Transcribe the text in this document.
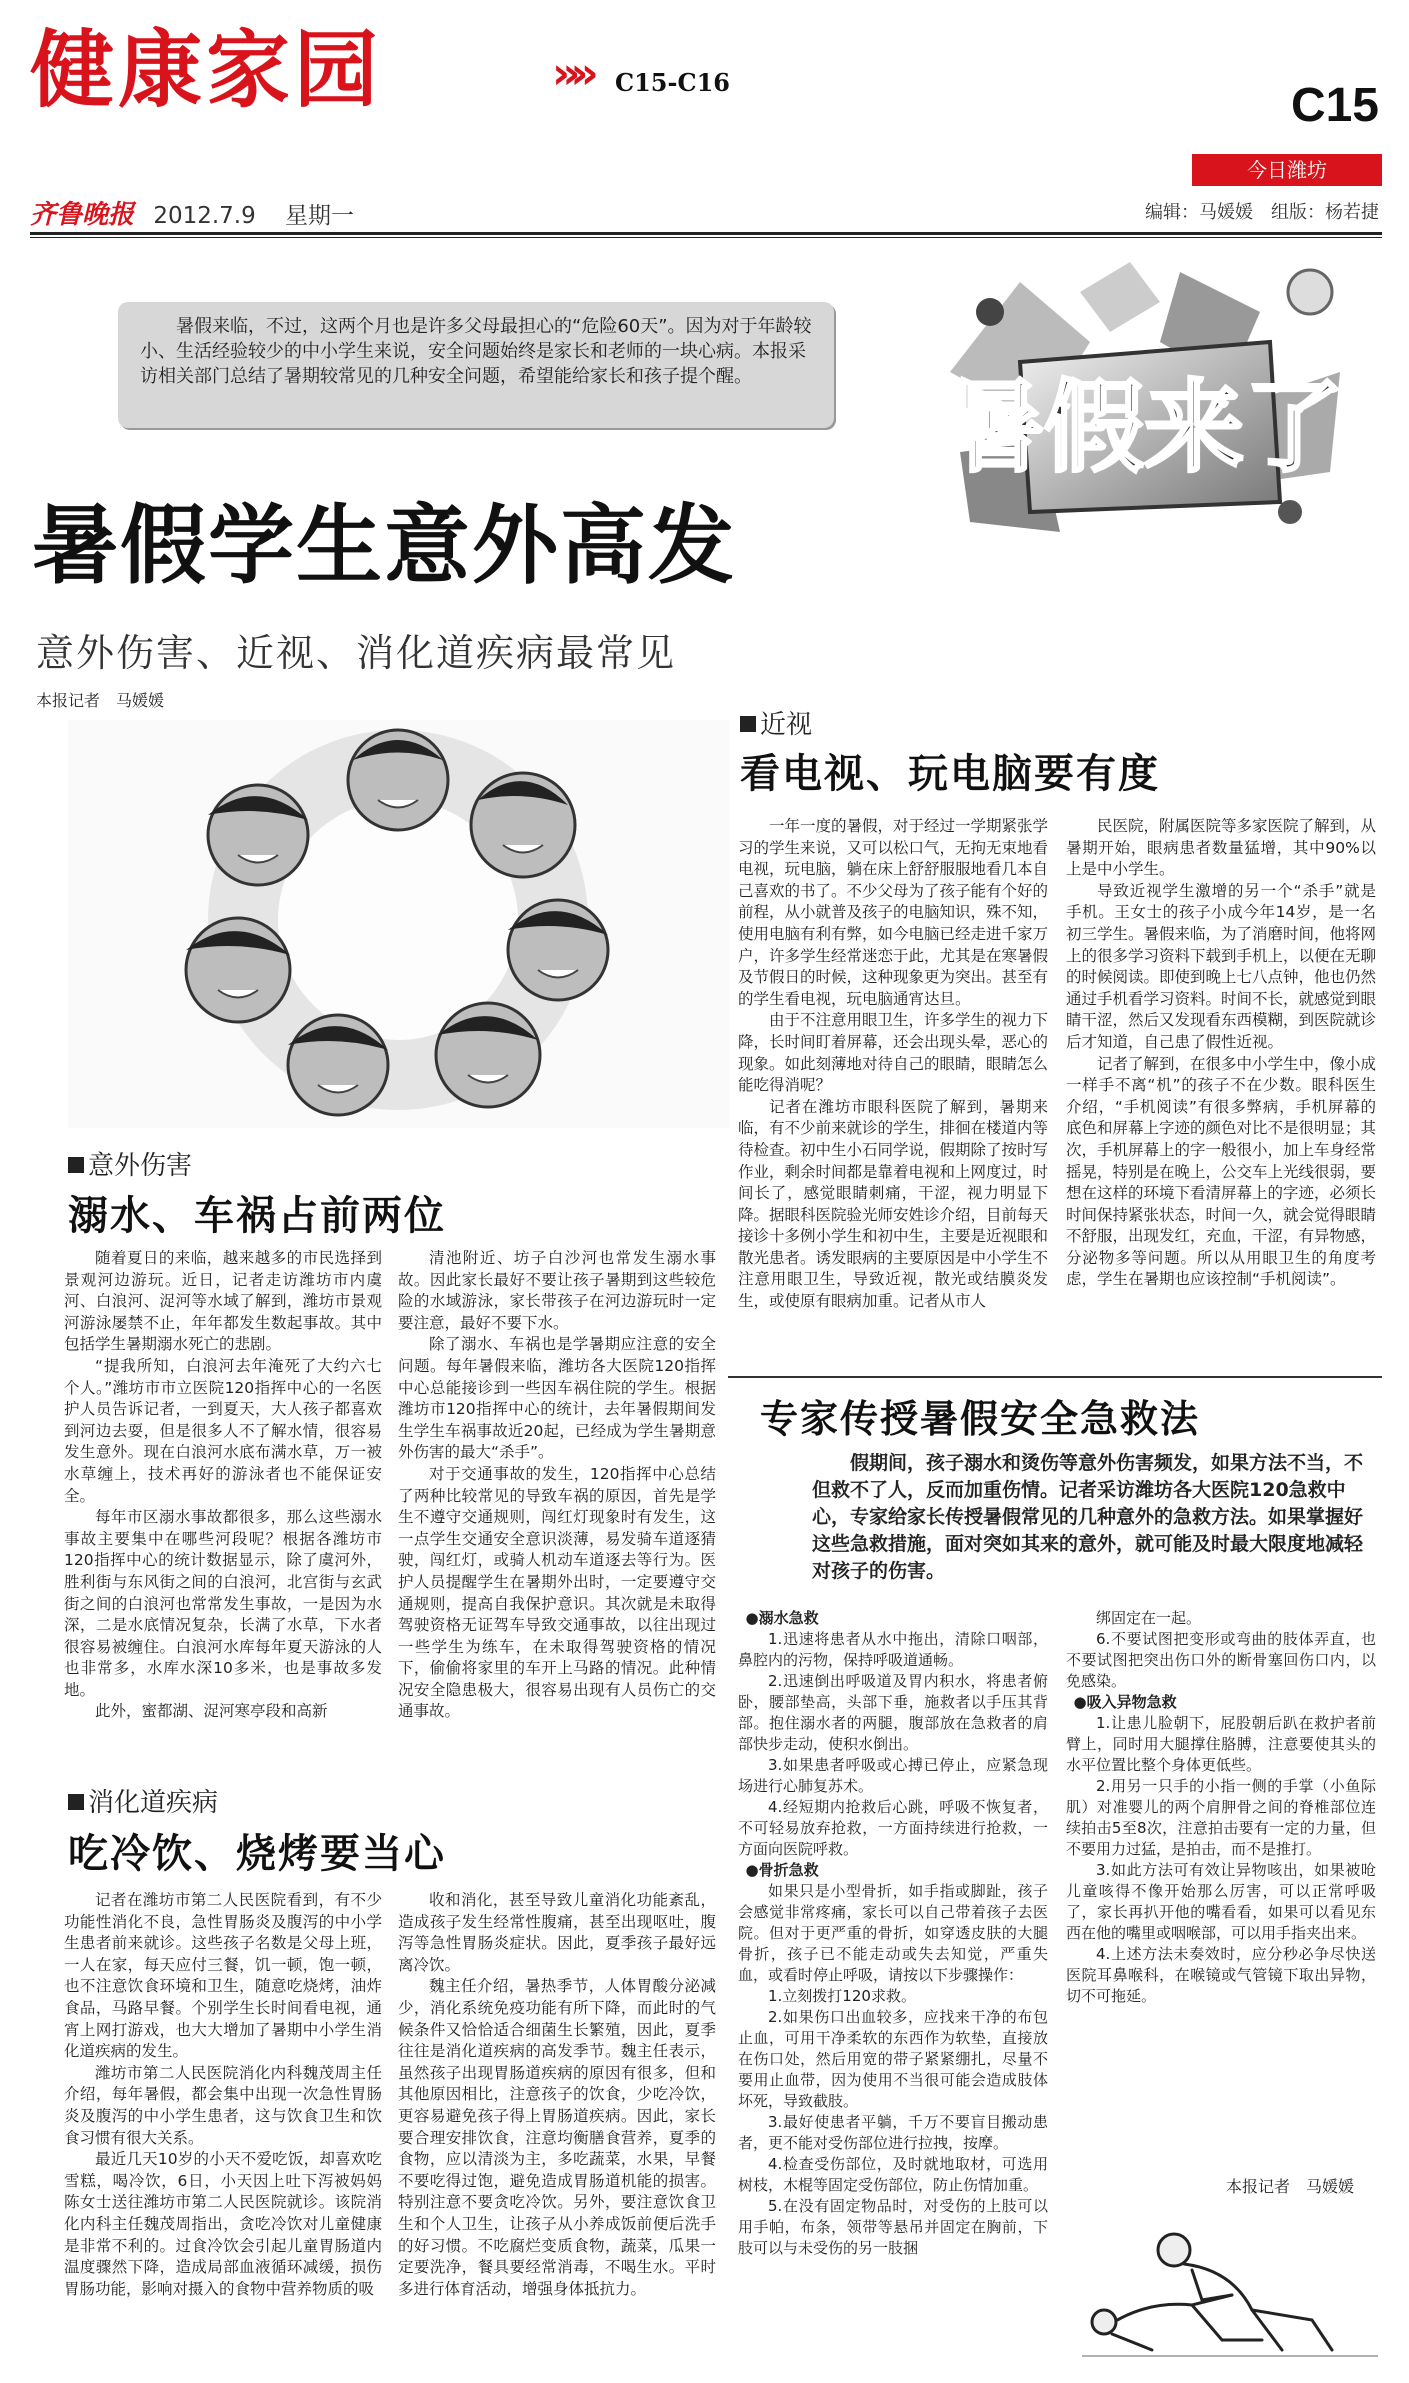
健康家园	»» C15-C16	C15
今日潍坊
齐鲁晚报 2012.7.9 星期一	编辑：马媛媛　组版：杨若捷
暑假来临，不过，这两个月也是许多父母最担心的“危险60天”。因为对于年龄较小、生活经验较少的中小学生来说，安全问题始终是家长和老师的一块心病。本报采访相关部门总结了暑期较常见的几种安全问题，希望能给家长和孩子提个醒。	暑假来了
暑假学生意外高发
意外伤害、近视、消化道疾病最常见
本报记者　马媛媛
意外伤害
溺水、车祸占前两位

随着夏日的来临，越来越多的市民选择到景观河边游玩。近日，记者走访潍坊市内虞河、白浪河、浞河等水域了解到，潍坊市景观河游泳屡禁不止，年年都发生数起事故。其中包括学生暑期溺水死亡的悲剧。

“提我所知，白浪河去年淹死了大约六七个人。”潍坊市市立医院120指挥中心的一名医护人员告诉记者，一到夏天，大人孩子都喜欢到河边去耍，但是很多人不了解水情，很容易发生意外。现在白浪河水底布满水草，万一被水草缠上，技术再好的游泳者也不能保证安全。

每年市区溺水事故都很多，那么这些溺水事故主要集中在哪些河段呢？根据各潍坊市120指挥中心的统计数据显示，除了虞河外，胜利街与东风街之间的白浪河，北宫街与玄武街之间的白浪河也常常发生事故，一是因为水深，二是水底情况复杂，长满了水草，下水者很容易被缠住。白浪河水库每年夏天游泳的人也非常多，水库水深10多米，也是事故多发地。

此外，蜜都湖、浞河寒亭段和高新

清池附近、坊子白沙河也常发生溺水事故。因此家长最好不要让孩子暑期到这些较危险的水域游泳，家长带孩子在河边游玩时一定要注意，最好不要下水。

除了溺水、车祸也是学暑期应注意的安全问题。每年暑假来临，潍坊各大医院120指挥中心总能接诊到一些因车祸住院的学生。根据潍坊市120指挥中心的统计，去年暑假期间发生学生车祸事故近20起，已经成为学生暑期意外伤害的最大“杀手”。

对于交通事故的发生，120指挥中心总结了两种比较常见的导致车祸的原因，首先是学生不遵守交通规则，闯红灯现象时有发生，这一点学生交通安全意识淡薄，易发骑车道逐猜驶，闯红灯，或骑人机动车道逐去等行为。医护人员提醒学生在暑期外出时，一定要遵守交通规则，提高自我保护意识。其次就是未取得驾驶资格无证驾车导致交通事故，以往出现过一些学生为练车，在未取得驾驶资格的情况下，偷偷将家里的车开上马路的情况。此种情况安全隐患极大，很容易出现有人员伤亡的交通事故。

消化道疾病
吃冷饮、烧烤要当心

记者在潍坊市第二人民医院看到，有不少功能性消化不良，急性胃肠炎及腹泻的中小学生患者前来就诊。这些孩子名数是父母上班，一人在家，每天应付三餐，饥一顿，饱一顿，也不注意饮食环境和卫生，随意吃烧烤，油炸食品，马路早餐。个别学生长时间看电视，通宵上网打游戏，也大大增加了暑期中小学生消化道疾病的发生。

潍坊市第二人民医院消化内科魏茂周主任介绍，每年暑假，都会集中出现一次急性胃肠炎及腹泻的中小学生患者，这与饮食卫生和饮食习惯有很大关系。

最近几天10岁的小天不爱吃饭，却喜欢吃雪糕，喝冷饮，6日，小天因上吐下泻被妈妈陈女士送往潍坊市第二人民医院就诊。该院消化内科主任魏茂周指出，贪吃冷饮对儿童健康是非常不利的。过食冷饮会引起儿童胃肠道内温度骤然下降，造成局部血液循环减缓，损伤胃肠功能，影响对摄入的食物中营养物质的吸

收和消化，甚至导致儿童消化功能紊乱，造成孩子发生经常性腹痛，甚至出现呕吐，腹泻等急性胃肠炎症状。因此，夏季孩子最好远离冷饮。

魏主任介绍，暑热季节，人体胃酸分泌减少，消化系统免疫功能有所下降，而此时的气候条件又恰恰适合细菌生长繁殖，因此，夏季往往是消化道疾病的高发季节。魏主任表示，虽然孩子出现胃肠道疾病的原因有很多，但和其他原因相比，注意孩子的饮食，少吃冷饮，更容易避免孩子得上胃肠道疾病。因此，家长要合理安排饮食，注意均衡膳食营养，夏季的食物，应以清淡为主，多吃蔬菜，水果，早餐不要吃得过饱，避免造成胃肠道机能的损害。特别注意不要贪吃冷饮。另外，要注意饮食卫生和个人卫生，让孩子从小养成饭前便后洗手的好习惯。不吃腐烂变质食物，蔬菜，瓜果一定要洗净，餐具要经常消毒，不喝生水。平时多进行体育活动，增强身体抵抗力。

近视
看电视、玩电脑要有度

一年一度的暑假，对于经过一学期紧张学习的学生来说，又可以松口气，无拘无束地看电视，玩电脑，躺在床上舒舒服服地看几本自己喜欢的书了。不少父母为了孩子能有个好的前程，从小就普及孩子的电脑知识，殊不知，使用电脑有利有弊，如今电脑已经走进千家万户，许多学生经常迷恋于此，尤其是在寒暑假及节假日的时候，这种现象更为突出。甚至有的学生看电视，玩电脑通宵达旦。

由于不注意用眼卫生，许多学生的视力下降，长时间盯着屏幕，还会出现头晕，恶心的现象。如此刻薄地对待自己的眼睛，眼睛怎么能吃得消呢？

记者在潍坊市眼科医院了解到，暑期来临，有不少前来就诊的学生，排徊在楼道内等待检查。初中生小石同学说，假期除了按时写作业，剩余时间都是靠着电视和上网度过，时间长了，感觉眼睛刺痛，干涩，视力明显下降。据眼科医院验光师安姓诊介绍，目前每天接诊十多例小学生和初中生，主要是近视眼和散光患者。诱发眼病的主要原因是中小学生不注意用眼卫生，导致近视，散光或结膜炎发生，或使原有眼病加重。记者从市人

民医院，附属医院等多家医院了解到，从暑期开始，眼病患者数量猛增，其中90%以上是中小学生。

导致近视学生激增的另一个“杀手”就是手机。王女士的孩子小成今年14岁，是一名初三学生。暑假来临，为了消磨时间，他将网上的很多学习资料下载到手机上，以便在无聊的时候阅读。即使到晚上七八点钟，他也仍然通过手机看学习资料。时间不长，就感觉到眼睛干涩，然后又发现看东西模糊，到医院就诊后才知道，自己患了假性近视。

记者了解到，在很多中小学生中，像小成一样手不离“机”的孩子不在少数。眼科医生介绍，“手机阅读”有很多弊病，手机屏幕的底色和屏幕上字迹的颜色对比不是很明显；其次，手机屏幕上的字一般很小，加上车身经常摇晃，特别是在晚上，公交车上光线很弱，要想在这样的环境下看清屏幕上的字迹，必须长时间保持紧张状态，时间一久，就会觉得眼睛不舒服，出现发红，充血，干涩，有异物感，分泌物多等问题。所以从用眼卫生的角度考虑，学生在暑期也应该控制“手机阅读”。

专家传授暑假安全急救法
假期间，孩子溺水和烫伤等意外伤害频发，如果方法不当，不但救不了人，反而加重伤情。记者采访潍坊各大医院120急救中心，专家给家长传授暑假常见的几种意外的急救方法。如果掌握好这些急救措施，面对突如其来的意外，就可能及时最大限度地减轻对孩子的伤害。

●溺水急救

1.迅速将患者从水中拖出，清除口咽部，鼻腔内的污物，保持呼吸道通畅。

2.迅速倒出呼吸道及胃内积水，将患者俯卧，腰部垫高，头部下垂，施救者以手压其背部。抱住溺水者的两腿，腹部放在急救者的肩部快步走动，使积水倒出。

3.如果患者呼吸或心搏已停止，应紧急现场进行心肺复苏术。

4.经短期内抢救后心跳，呼吸不恢复者，不可轻易放弃抢救，一方面持续进行抢救，一方面向医院呼救。

●骨折急救

如果只是小型骨折，如手指或脚趾，孩子会感觉非常疼痛，家长可以自己带着孩子去医院。但对于更严重的骨折，如穿透皮肤的大腿骨折，孩子已不能走动或失去知觉，严重失血，或看时停止呼吸，请按以下步骤操作：

1.立刻拨打120求救。

2.如果伤口出血较多，应找来干净的布包止血，可用干净柔软的东西作为软垫，直接放在伤口处，然后用宽的带子紧紧绷扎，尽量不要用止血带，因为使用不当很可能会造成肢体坏死，导致截肢。

3.最好使患者平躺，千万不要盲目搬动患者，更不能对受伤部位进行拉拽，按摩。

4.检查受伤部位，及时就地取材，可选用树枝，木棍等固定受伤部位，防止伤情加重。

5.在没有固定物品时，对受伤的上肢可以用手帕，布条，领带等悬吊并固定在胸前，下肢可以与未受伤的另一肢捆

绑固定在一起。

6.不要试图把变形或弯曲的肢体弄直，也不要试图把突出伤口外的断骨塞回伤口内，以免感染。

●吸入异物急救

1.让患儿脸朝下，屁股朝后趴在救护者前臂上，同时用大腿撑住胳膊，注意要使其头的水平位置比整个身体更低些。

2.用另一只手的小指一侧的手掌（小鱼际肌）对准婴儿的两个肩胛骨之间的脊椎部位连续拍击5至8次，注意拍击要有一定的力量，但不要用力过猛，是拍击，而不是推打。

3.如此方法可有效让异物咳出，如果被呛儿童咳得不像开始那么厉害，可以正常呼吸了，家长再扒开他的嘴看看，如果可以看见东西在他的嘴里或咽喉部，可以用手指夹出来。

4.上述方法未奏效时，应分秒必争尽快送医院耳鼻喉科，在喉镜或气管镜下取出异物，切不可拖延。

本报记者　马媛媛
